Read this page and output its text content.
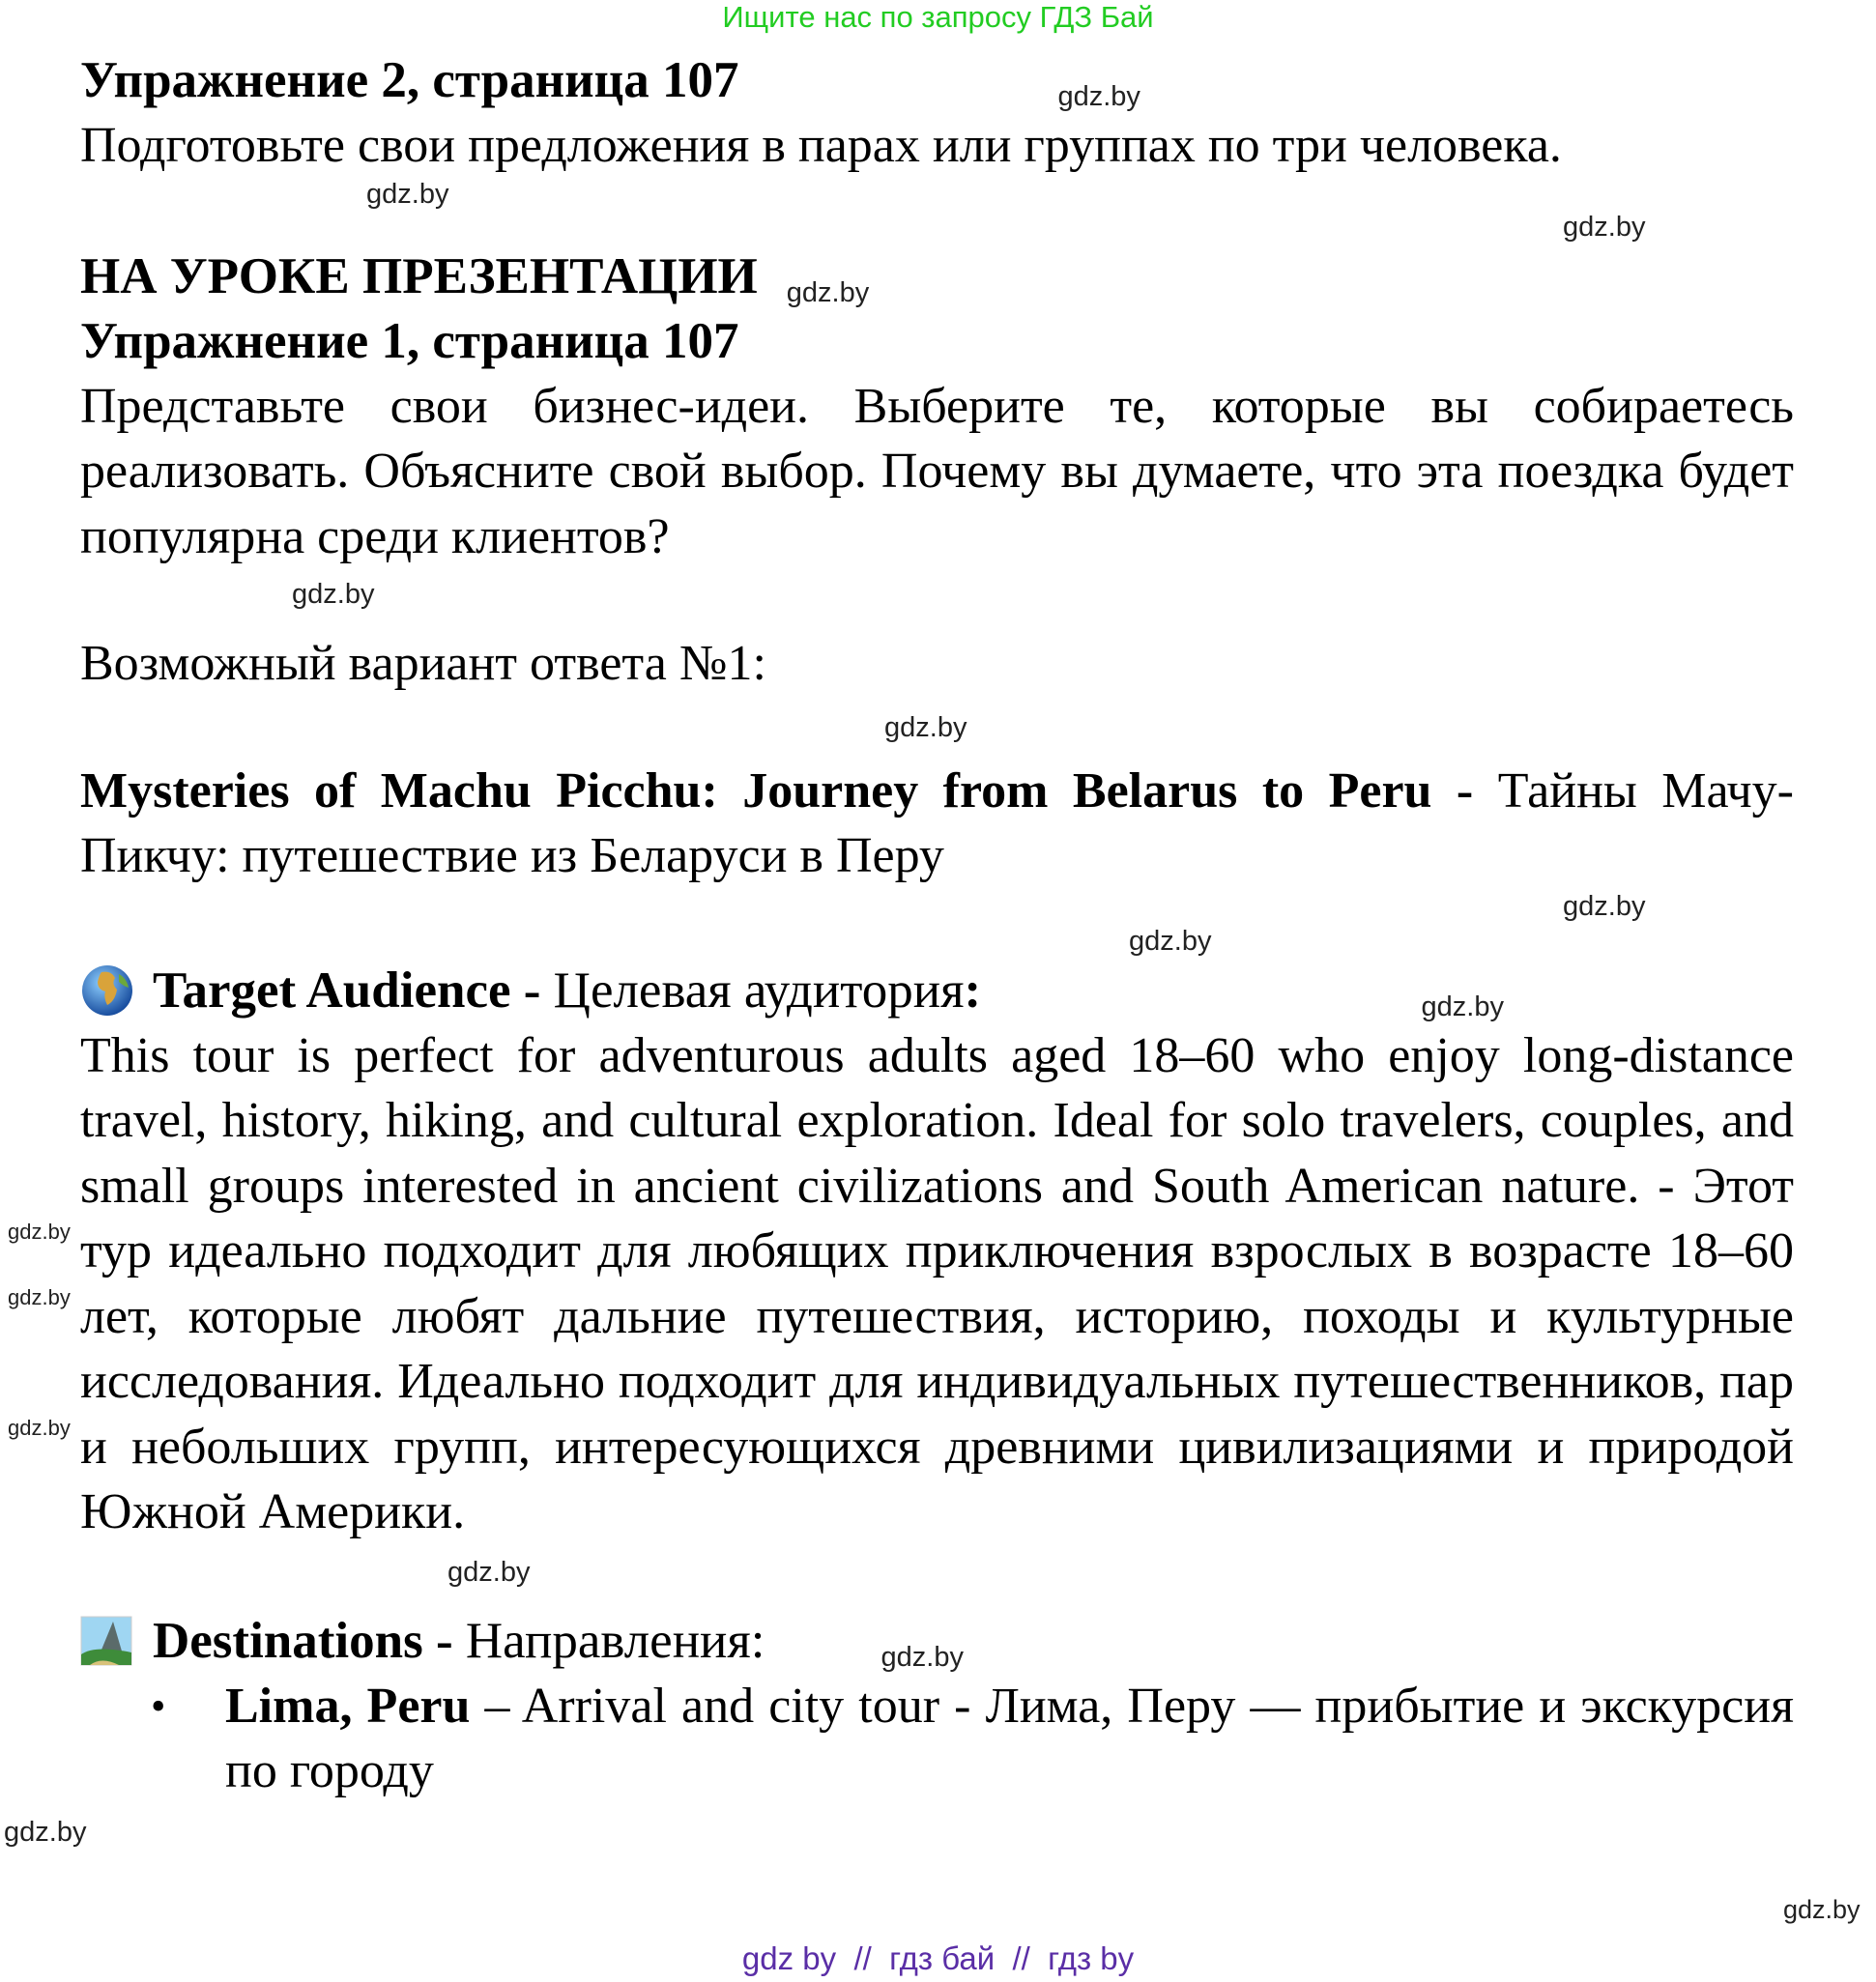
Ищите нас по запросу ГДЗ Бай
Упражнение 2, страница 107	gdz.by

Подготовьте свои предложения в парах или группах по три человека.

gdz.by
gdz.by
НА УРОКЕ ПРЕЗЕНТАЦИИ gdz.by
Упражнение 1, страница 107

Представьте свои бизнес-идеи. Выберите те, которые вы собираетесь реализовать. Объясните свой выбор. Почему вы думаете, что эта поездка будет популярна среди клиентов?

gdz.by

Возможный вариант ответа №1:

gdz.by

Mysteries of Machu Picchu: Journey from Belarus to Peru - Тайны Мачу-Пикчу: путешествие из Беларуси в Перу

gdz.by
gdz.by
Target Audience - Целевая аудитория:	gdz.by

This tour is perfect for adventurous adults aged 18–60 who enjoy long-distance travel, history, hiking, and cultural exploration. Ideal for solo travelers, couples, and small groups interested in ancient civilizations and South American nature. - Этот тур идеально подходит для любящих приключения взрослых в возрасте 18–60 лет, которые любят дальние путешествия, историю, походы и культурные исследования. Идеально подходит для индивидуальных путешественников, пар и небольших групп, интересующихся древними цивилизациями и природой Южной Америки.

gdz.by
Destinations - Направления:	gdz.by
•	Lima, Peru – Arrival and city tour - Лима, Перу — прибытие и экскурсия по городу

gdz.by
gdz.by
gdz.by
gdz.by
gdz.by
gdz by  //  гдз бай  //  гдз by
